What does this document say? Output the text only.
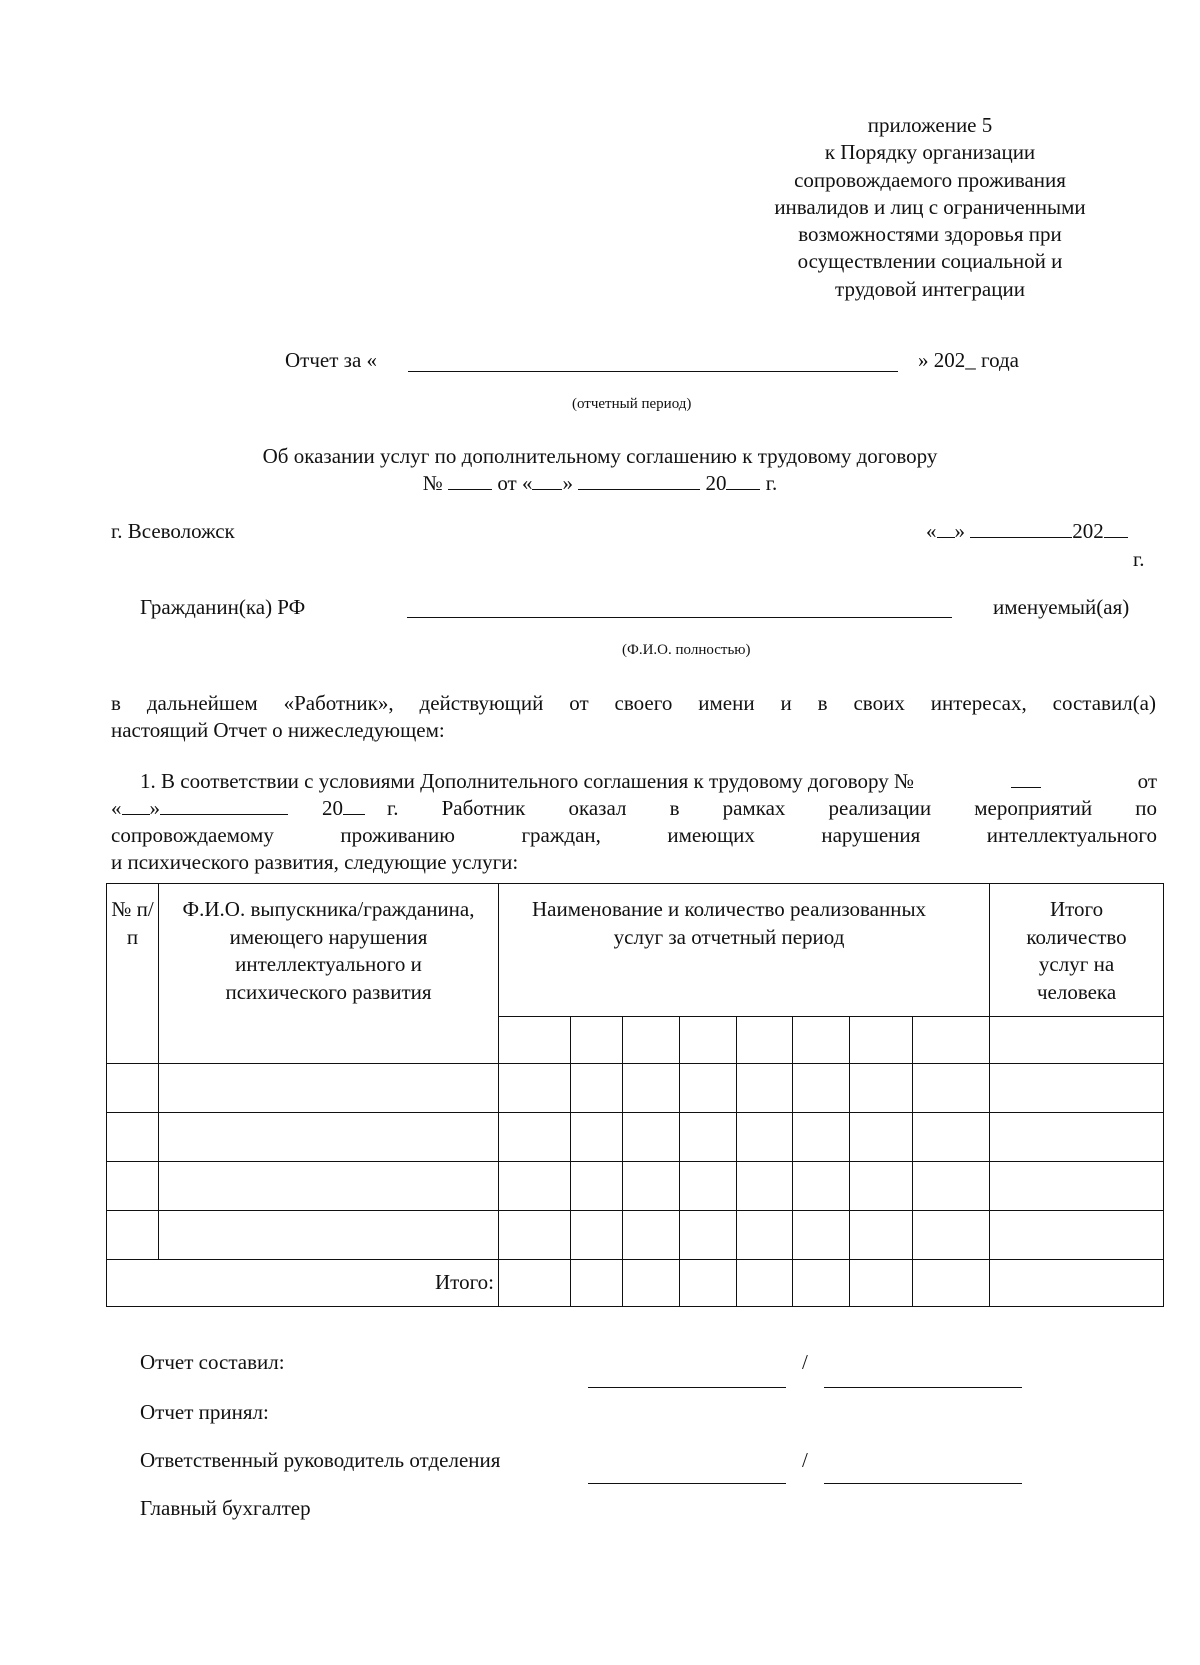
приложение 5
к Порядку организации
сопровождаемого проживания
инвалидов и лиц с ограниченными
возможностями здоровья при
осуществлении социальной и
трудовой интеграции
Отчет за «	» 202_ года
(отчетный период)
Об оказании услуг по дополнительному соглашению к трудовому договору
№	от « »	20 г.
г. Всеволожск	« »	202
г.
Гражданин(ка) РФ	именуемый(ая)
(Ф.И.О. полностью)
в дальнейшем «Работник», действующий от своего имени и в своих интересах, составил(а)
настоящий Отчет о нижеследующем:
1. В соответствии с условиями Дополнительного соглашения к трудовому договору №	от
« »	20 г. Работник оказал в рамках реализации мероприятий по
сопровождаемому проживанию граждан, имеющих нарушения интеллектуального
и психического развития, следующие услуги:
№ п/п	Ф.И.О. выпускника/гражданина, имеющего нарушения интеллектуального и психического развития	Наименование и количество реализованных услуг за отчетный период								Итого количество услуг на человека

Итого:										
Отчет составил:	/
Отчет принял:
Ответственный руководитель отделения	/
Главный бухгалтер
